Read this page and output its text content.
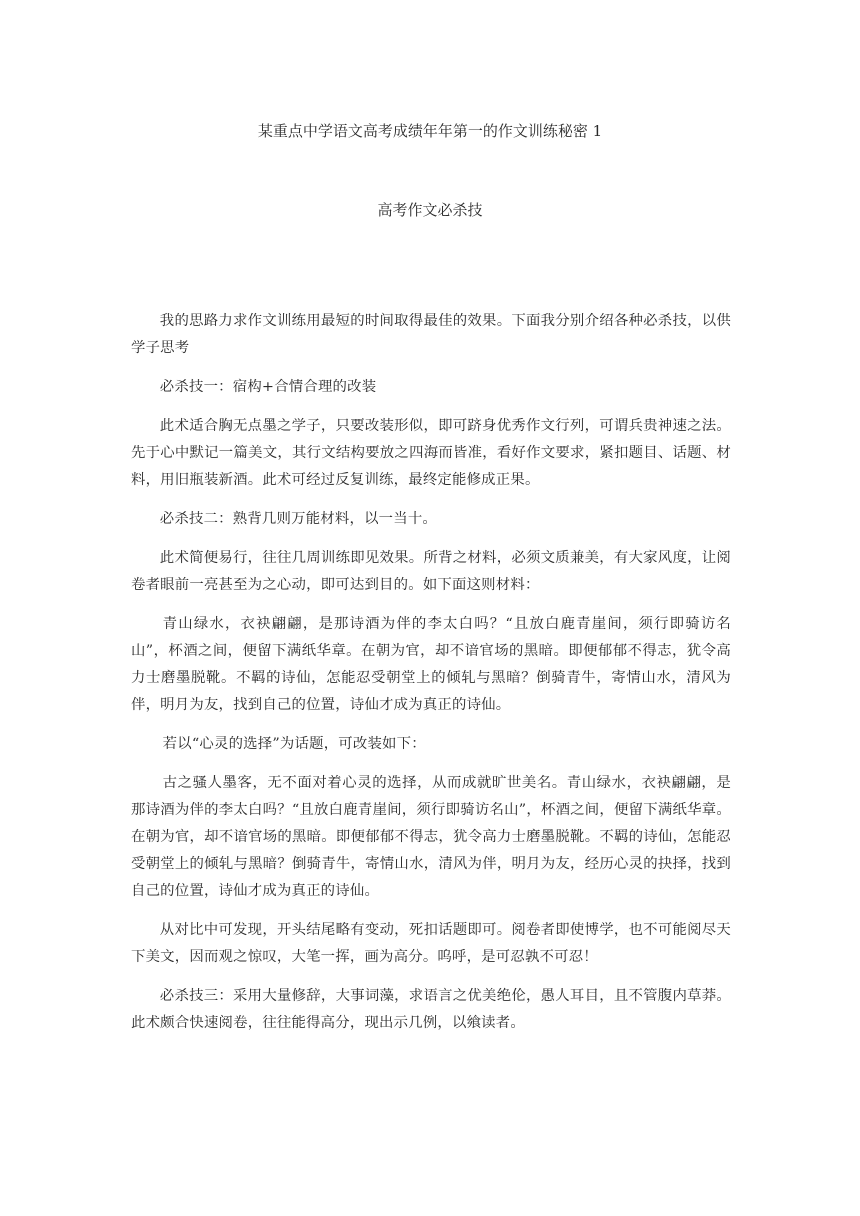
某重点中学语文高考成绩年年第一的作文训练秘密 1
高考作文必杀技

我的思路力求作文训练用最短的时间取得最佳的效果。下面我分别介绍各种必杀技，以供学子思考

必杀技一：宿构+合情合理的改装

此术适合胸无点墨之学子，只要改装形似，即可跻身优秀作文行列，可谓兵贵神速之法。先于心中默记一篇美文，其行文结构要放之四海而皆准，看好作文要求，紧扣题目、话题、材料，用旧瓶装新酒。此术可经过反复训练，最终定能修成正果。

必杀技二：熟背几则万能材料，以一当十。

此术简便易行，往往几周训练即见效果。所背之材料，必须文质兼美，有大家风度，让阅卷者眼前一亮甚至为之心动，即可达到目的。如下面这则材料：

青山绿水，衣袂翩翩，是那诗酒为伴的李太白吗？“且放白鹿青崖间，须行即骑访名山”，杯酒之间，便留下满纸华章。在朝为官，却不谙官场的黑暗。即便郁郁不得志，犹令高力士磨墨脱靴。不羁的诗仙，怎能忍受朝堂上的倾轧与黑暗？倒骑青牛，寄情山水，清风为伴，明月为友，找到自己的位置，诗仙才成为真正的诗仙。

若以“心灵的选择”为话题，可改装如下：

古之骚人墨客，无不面对着心灵的选择，从而成就旷世美名。青山绿水，衣袂翩翩，是那诗酒为伴的李太白吗？“且放白鹿青崖间，须行即骑访名山”，杯酒之间，便留下满纸华章。在朝为官，却不谙官场的黑暗。即便郁郁不得志，犹令高力士磨墨脱靴。不羁的诗仙，怎能忍受朝堂上的倾轧与黑暗？倒骑青牛，寄情山水，清风为伴，明月为友，经历心灵的抉择，找到自己的位置，诗仙才成为真正的诗仙。

从对比中可发现，开头结尾略有变动，死扣话题即可。阅卷者即使博学，也不可能阅尽天下美文，因而观之惊叹，大笔一挥，画为高分。呜呼，是可忍孰不可忍！

必杀技三：采用大量修辞，大事词藻，求语言之优美绝伦，愚人耳目，且不管腹内草莽。此术颇合快速阅卷，往往能得高分，现出示几例，以飨读者。
